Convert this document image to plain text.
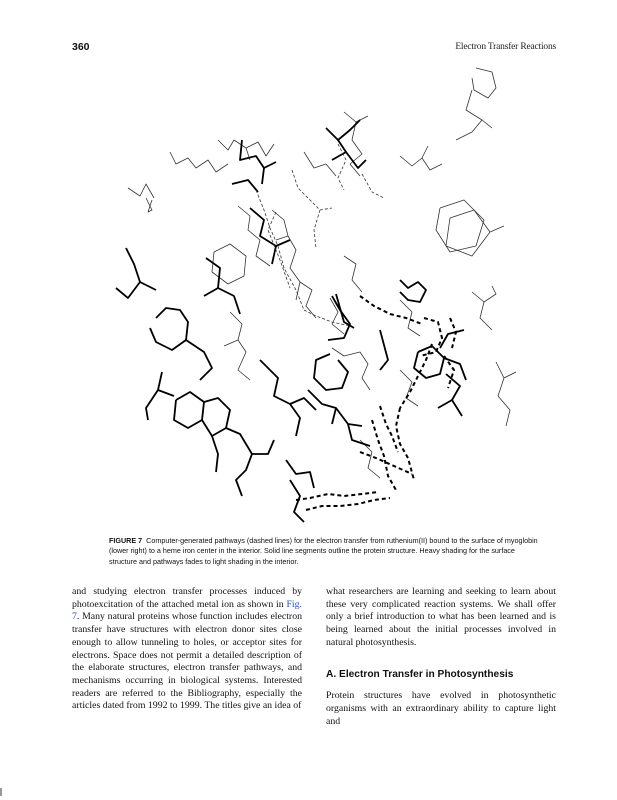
360	Electron Transfer Reactions
FIGURE 7 Computer-generated pathways (dashed lines) for the electron transfer from ruthenium(II) bound to the surface of myoglobin (lower right) to a heme iron center in the interior. Solid line segments outline the protein structure. Heavy shading for the surface structure and pathways fades to light shading in the interior.

and studying electron transfer processes induced by photoexcitation of the attached metal ion as shown in Fig. 7. Many natural proteins whose function includes electron transfer have structures with electron donor sites close enough to allow tunneling to holes, or acceptor sites for electrons. Space does not permit a detailed description of the elaborate structures, electron transfer pathways, and mechanisms occurring in biological systems. Interested readers are referred to the Bibliography, especially the articles dated from 1992 to 1999. The titles give an idea of

what researchers are learning and seeking to learn about these very complicated reaction systems. We shall offer only a brief introduction to what has been learned and is being learned about the initial processes involved in natural photosynthesis.

A. Electron Transfer in Photosynthesis

Protein structures have evolved in photosynthetic organisms with an extraordinary ability to capture light and
